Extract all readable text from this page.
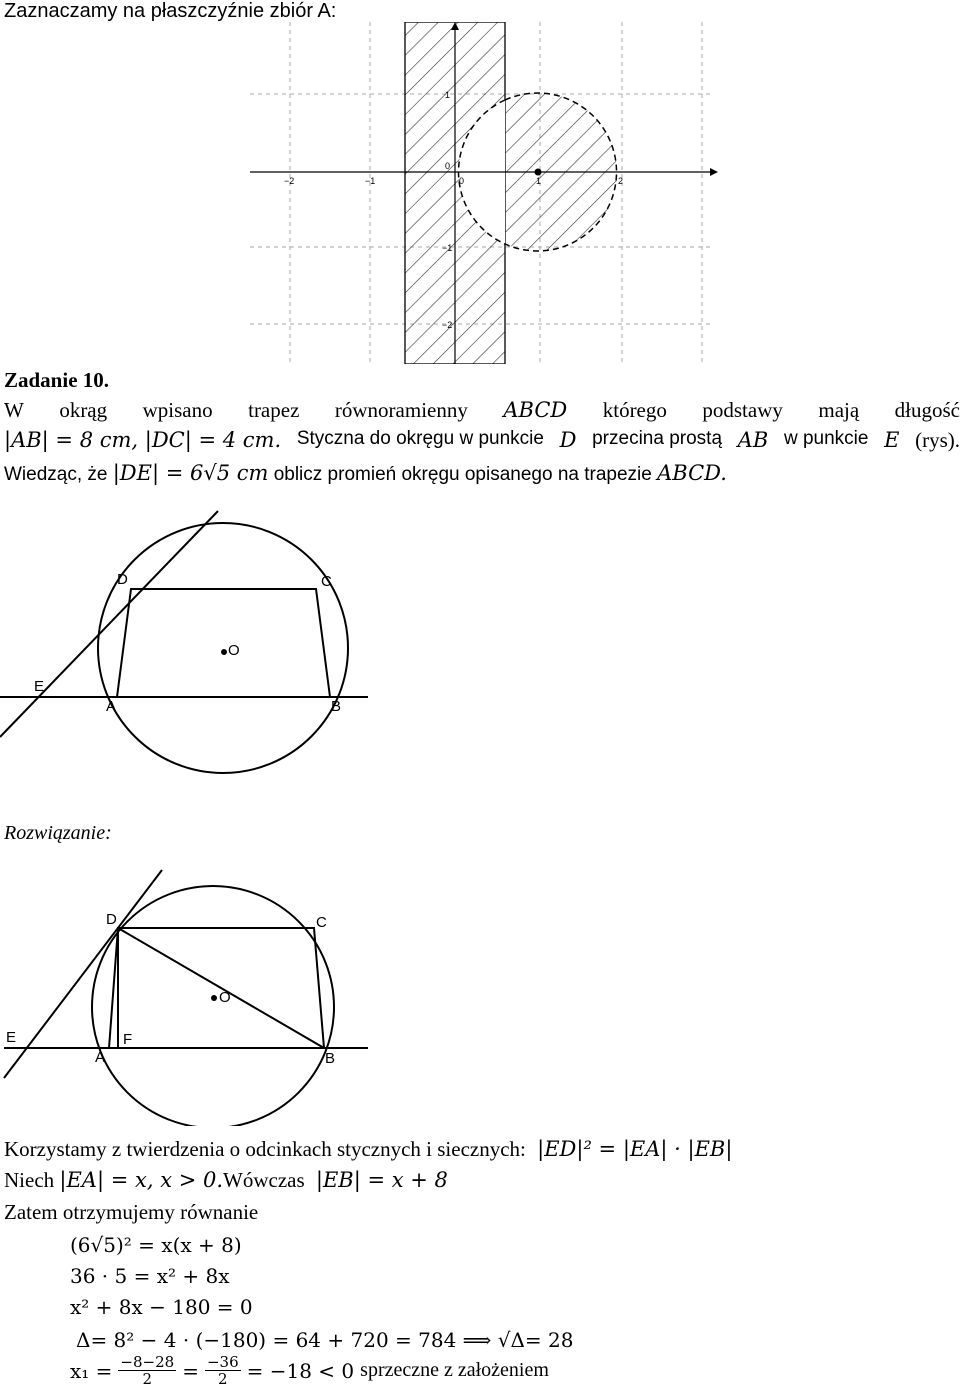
Zaznaczamy na płaszczyźnie zbiór A:
−2	−1	0	1	2
0
1
−1
−2
Zadanie 10.
W okrąg wpisano trapez równoramienny ABCD którego podstawy mają długość
|AB| = 8 cm, |DC| = 4 cm. Styczna do okręgu w punkcie D przecina prostą AB w punkcie E (rys).
Wiedząc, że |DE| = 6√5 cm oblicz promień okręgu opisanego na trapezie ABCD.
D	C
O
E
A	B
Rozwiązanie:
D	C
O
E	F
A	B
Korzystamy z twierdzenia o odcinkach stycznych i siecznych: |ED|² = |EA| · |EB|
Niech |EA| = x, x > 0.Wówczas |EB| = x + 8
Zatem otrzymujemy równanie
(6√5)² = x(x + 8)
36 · 5 = x² + 8x
x² + 8x − 180 = 0
Δ= 8² − 4 · (−180) = 64 + 720 = 784 ⟹ √Δ= 28
$x_1 = \frac{-8-28}{2} = \frac{-36}{2} = -18 < 0$ sprzeczne z założeniem
